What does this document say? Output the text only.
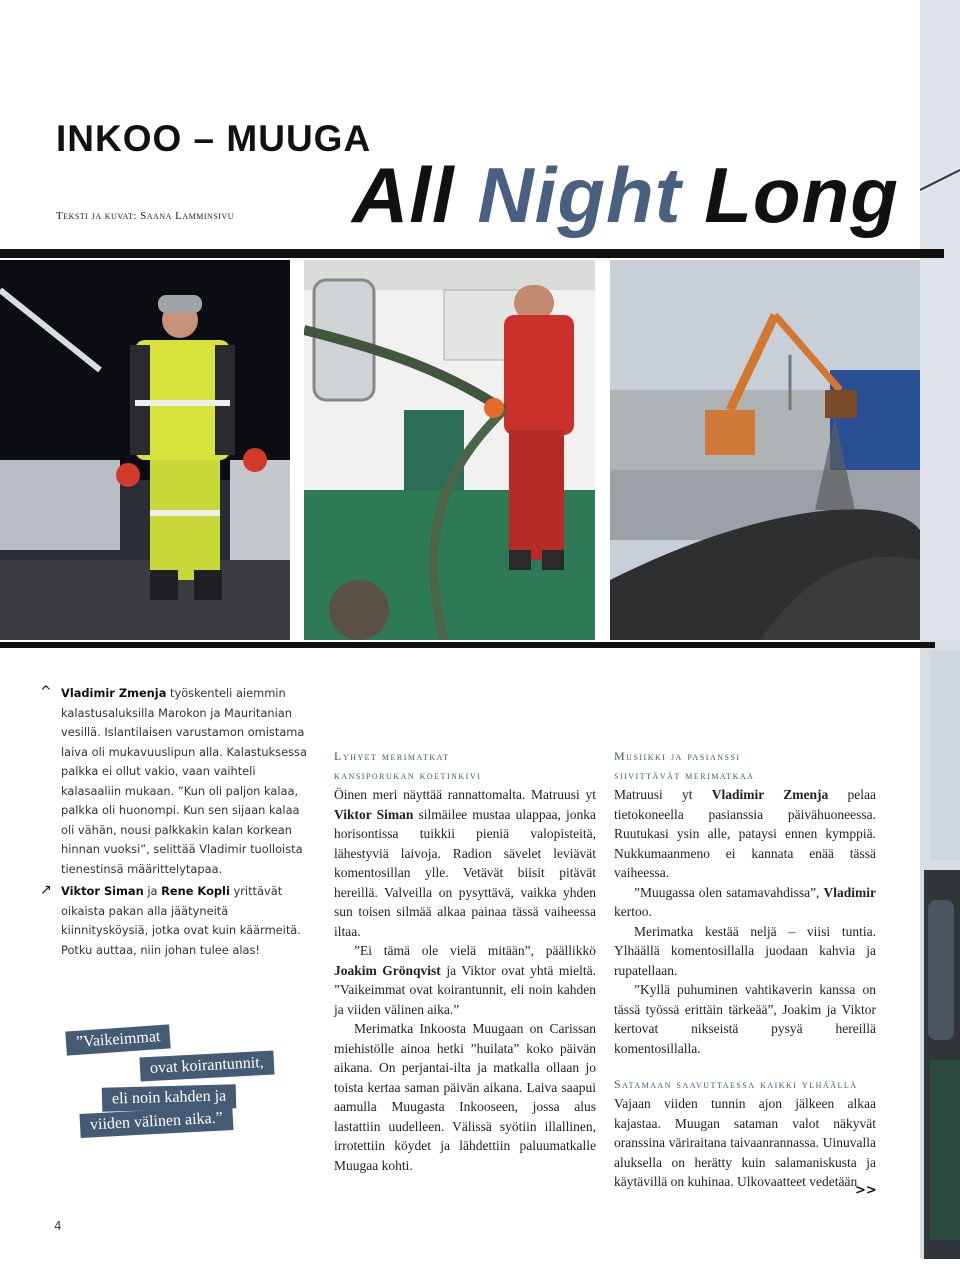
INKOO – MUUGA
Teksti ja kuvat: Saana Lamminsivu All Night Long
^ Vladimir Zmenja työskenteli aiemmin kalastusaluksilla Marokon ja Mauritanian vesillä. Islantilaisen varustamon omistama laiva oli mukavuuslipun alla. Kalastuksessa palkka ei ollut vakio, vaan vaihteli kalasaaliin mukaan. ”Kun oli paljon kalaa, palkka oli huonompi. Kun sen sijaan kalaa oli vähän, nousi palkkakin kalan korkean hinnan vuoksi”, selittää Vladimir tuolloista tienestinsä määrittelytapaa.
↗ Viktor Siman ja Rene Kopli yrittävät oikaista pakan alla jäätyneitä kiinnitysköysiä, jotka ovat kuin käärmeitä. Potku auttaa, niin johan tulee alas!
”Vaikeimmat
ovat koirantunnit,
eli noin kahden ja
viiden välinen aika.”
Lyhyet merimatkat
kansiporukan koetinkivi

Öinen meri näyttää rannattomalta. Matruusi yt Viktor Siman silmäilee mustaa ulappaa, jonka horisontissa tuikkii pieniä valopisteitä, lähestyviä laivoja. Radion sävelet leviävät komentosillan ylle. Vetävät biisit pitävät hereillä. Valveilla on pysyttävä, vaikka yhden sun toisen silmää alkaa painaa tässä vaiheessa iltaa.

”Ei tämä ole vielä mitään”, päällikkö Joakim Grönqvist ja Viktor ovat yhtä mieltä. ”Vaikeimmat ovat koirantunnit, eli noin kahden ja viiden välinen aika.”

Merimatka Inkoosta Muugaan on Carissan miehistölle ainoa hetki ”huilata” koko päivän aikana. On perjantai-ilta ja matkalla ollaan jo toista kertaa saman päivän aikana. Laiva saapui aamulla Muugasta Inkooseen, jossa alus lastattiin uudelleen. Välissä syötiin illallinen, irrotettiin köydet ja lähdettiin paluumatkalle Muugaa kohti.

Musiikki ja pasianssi
siivittävät merimatkaa

Matruusi yt Vladimir Zmenja pelaa tietokoneella pasianssia päivähuoneessa. Ruutukasi ysin alle, pataysi ennen kymppiä. Nukkumaanmeno ei kannata enää tässä vaiheessa.

”Muugassa olen satamavahdissa”, Vladimir kertoo.

Merimatka kestää neljä – viisi tuntia. Ylhäällä komentosillalla juodaan kahvia ja rupatellaan.

”Kyllä puhuminen vahtikaverin kanssa on tässä työssä erittäin tärkeää”, Joakim ja Viktor kertovat nikseistä pysyä hereillä komentosillalla.

Satamaan saavuttaessa kaikki ylhäällä

Vajaan viiden tunnin ajon jälkeen alkaa kajastaa. Muugan sataman valot näkyvät oranssina väriraitana taivaanrannassa. Uinuvalla aluksella on herätty kuin salamaniskusta ja käytävillä on kuhinaa. Ulkovaatteet vedetään

>>
4
